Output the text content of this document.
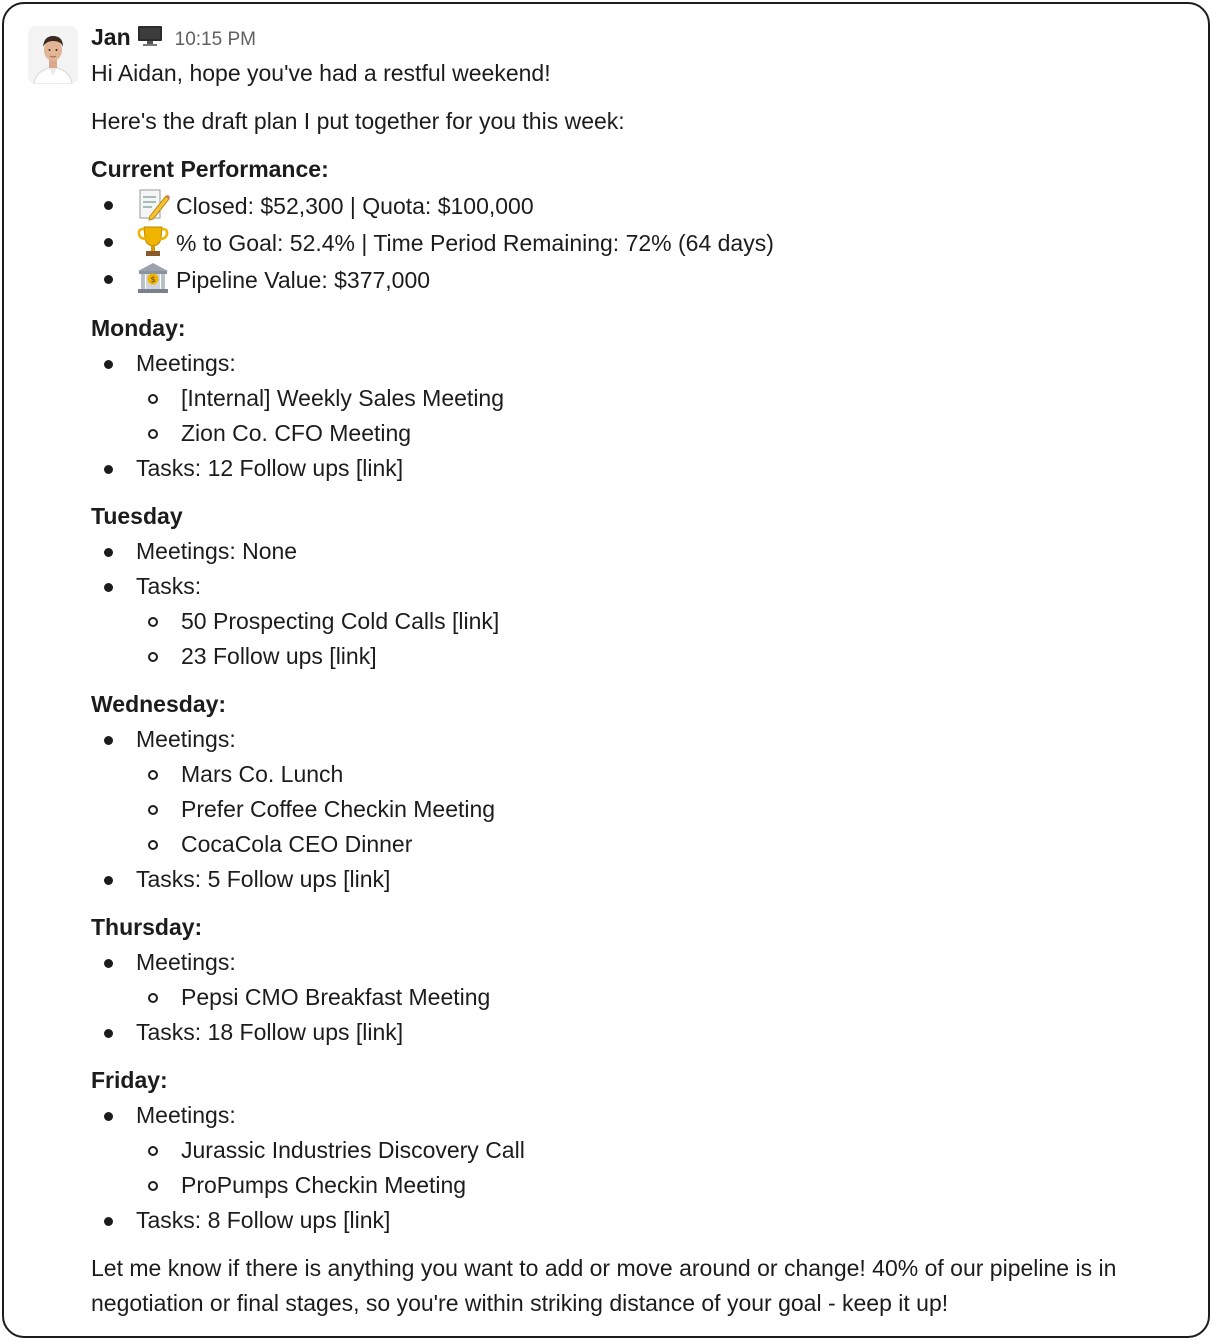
Jan 10:15 PM

Hi Aidan, hope you've had a restful weekend!

Here's the draft plan I put together for you this week:

Current Performance:

Closed: $52,300 | Quota: $100,000
% to Goal: 52.4% | Time Period Remaining: 72% (64 days)
$ Pipeline Value: $377,000

Monday:

Meetings:
[Internal] Weekly Sales Meeting
Zion Co. CFO Meeting
Tasks: 12 Follow ups [link]

Tuesday

Meetings: None
Tasks:
50 Prospecting Cold Calls [link]
23 Follow ups [link]

Wednesday:

Meetings:
Mars Co. Lunch
Prefer Coffee Checkin Meeting
CocaCola CEO Dinner
Tasks: 5 Follow ups [link]

Thursday:

Meetings:
Pepsi CMO Breakfast Meeting
Tasks: 18 Follow ups [link]

Friday:

Meetings:
Jurassic Industries Discovery Call
ProPumps Checkin Meeting
Tasks: 8 Follow ups [link]

Let me know if there is anything you want to add or move around or change! 40% of our pipeline is in
negotiation or final stages, so you're within striking distance of your goal - keep it up!
